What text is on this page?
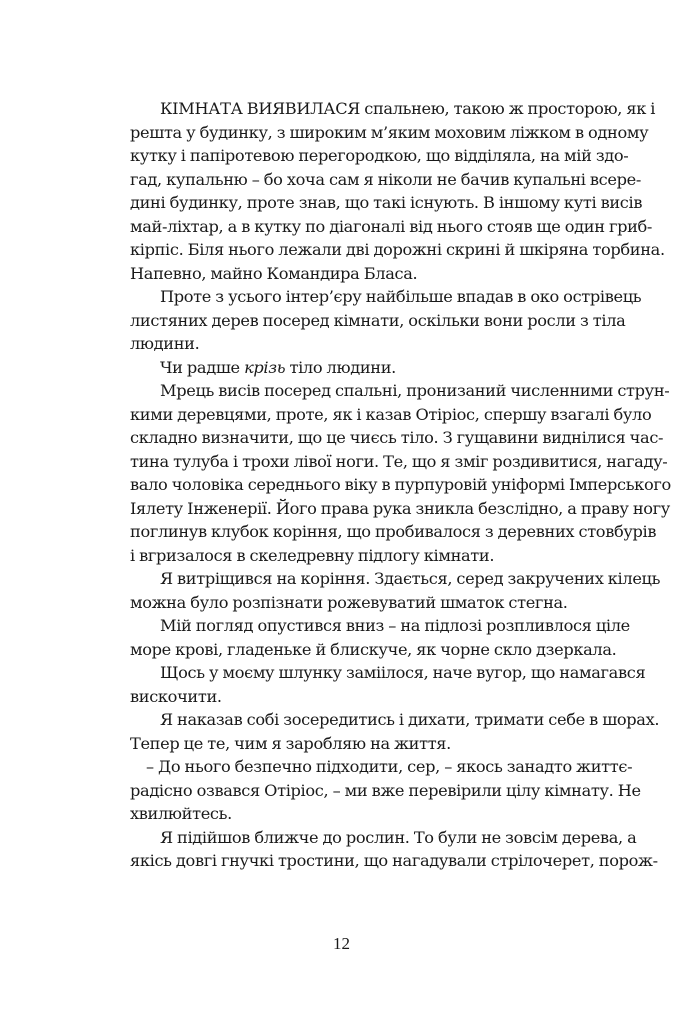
КІМНАТА ВИЯВИЛАСЯ спальнею, такою ж просторою, як і
решта у будинку, з широким м’яким моховим ліжком в одному
кутку і папіротевою перегородкою, що відділяла, на мій здо-
гад, купальню – бо хоча сам я ніколи не бачив купальні всере-
дині будинку, проте знав, що такі існують. В іншому куті висів
май-ліхтар, а в кутку по діагоналі від нього стояв ще один гриб-
кірпіс. Біля нього лежали дві дорожні скрині й шкіряна торбина.
Напевно, майно Командира Бласа.

Проте з усього інтер’єру найбільше впадав в око острівець
листяних дерев посеред кімнати, оскільки вони росли з тіла
людини.

Чи радше крізь тіло людини.

Мрець висів посеред спальні, пронизаний численними струн-
кими деревцями, проте, як і казав Отіріос, спершу взагалі було
складно визначити, що це чиєсь тіло. З гущавини виднілися час-
тина тулуба і трохи лівої ноги. Те, що я зміг роздивитися, нагаду-
вало чоловіка середнього віку в пурпуровій уніформі Імперського
Іялету Інженерії. Його права рука зникла безслідно, а праву ногу
поглинув клубок коріння, що пробивалося з деревних стовбурів
і вгризалося в скеледревну підлогу кімнати.

Я витріщився на коріння. Здається, серед закручених кілець
можна було розпізнати рожевуватий шматок стегна.

Мій погляд опустився вниз – на підлозі розпливлося ціле
море крові, гладеньке й блискуче, як чорне скло дзеркала.

Щось у моєму шлунку заміілося, наче вугор, що намагався
вискочити.

Я наказав собі зосередитись і дихати, тримати себе в шорах.
Тепер це те, чим я заробляю на життя.

– До нього безпечно підходити, сер, – якось занадто життє-
радісно озвався Отіріос, – ми вже перевірили цілу кімнату. Не
хвилюйтесь.

Я підійшов ближче до рослин. То були не зовсім дерева, а
якісь довгі гнучкі тростини, що нагадували стрілочерет, порож-

12
